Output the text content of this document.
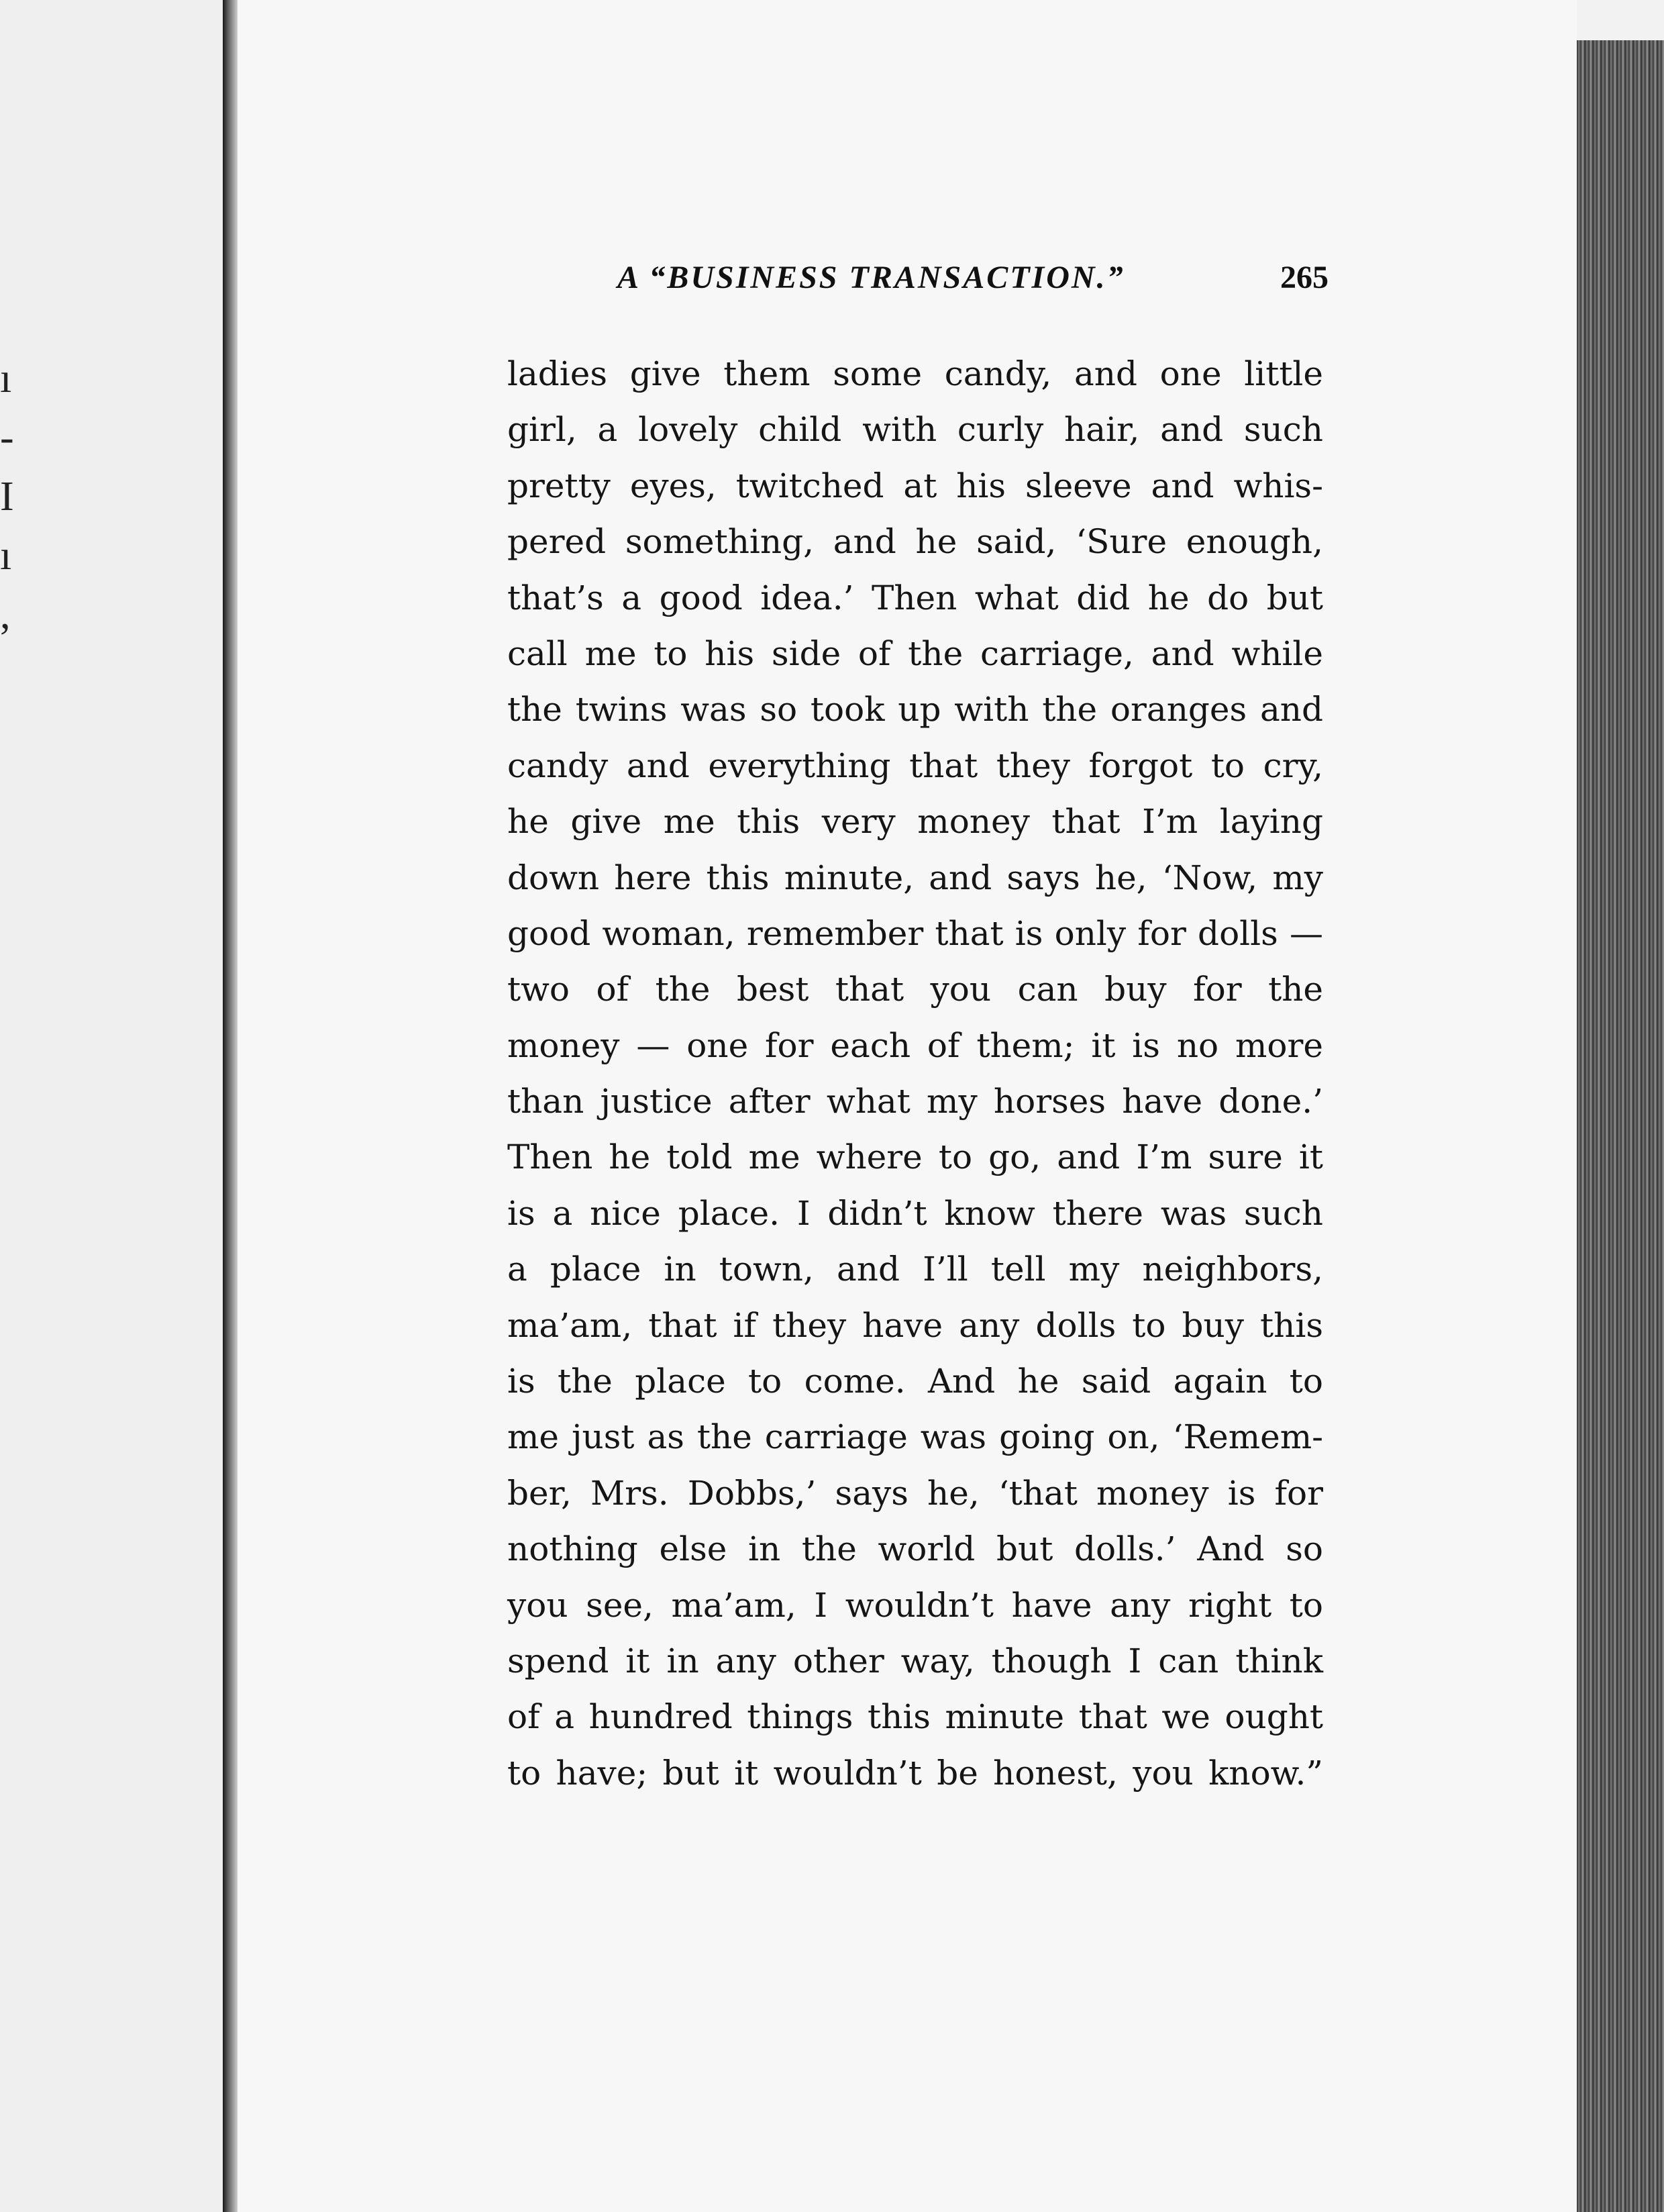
ı
-
I
ı
,
A “BUSINESS TRANSACTION.”	265
ladies give them some candy, and one little
girl, a lovely child with curly hair, and such
pretty eyes, twitched at his sleeve and whis-
pered something, and he said, ‘Sure enough,
that’s a good idea.’ Then what did he do but
call me to his side of the carriage, and while
the twins was so took up with the oranges and
candy and everything that they forgot to cry,
he give me this very money that I’m laying
down here this minute, and says he, ‘Now, my
good woman, remember that is only for dolls —
two of the best that you can buy for the
money — one for each of them; it is no more
than justice after what my horses have done.’
Then he told me where to go, and I’m sure it
is a nice place. I didn’t know there was such
a place in town, and I’ll tell my neighbors,
ma’am, that if they have any dolls to buy this
is the place to come. And he said again to
me just as the carriage was going on, ‘Remem-
ber, Mrs. Dobbs,’ says he, ‘that money is for
nothing else in the world but dolls.’ And so
you see, ma’am, I wouldn’t have any right to
spend it in any other way, though I can think
of a hundred things this minute that we ought
to have; but it wouldn’t be honest, you know.”
